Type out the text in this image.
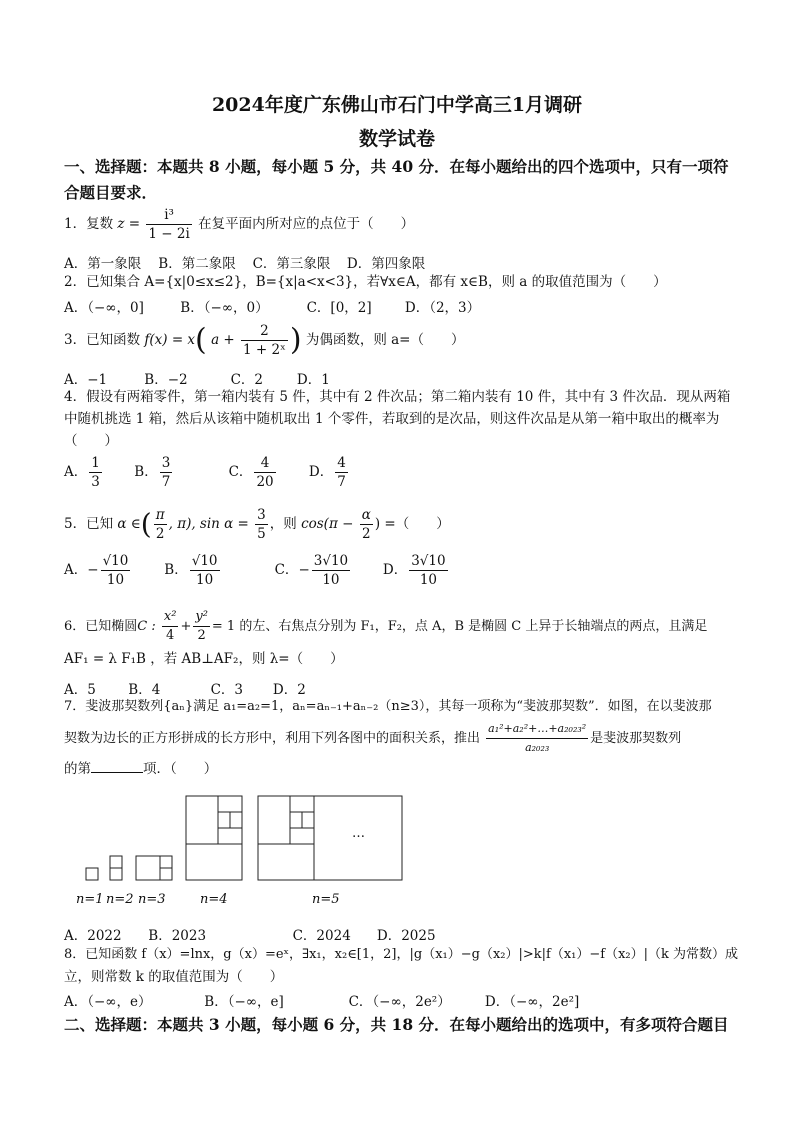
2024年度广东佛山市石门中学高三1月调研
数学试卷
一、选择题：本题共 8 小题，每小题 5 分，共 40 分．在每小题给出的四个选项中，只有一项符合题目要求．
1．复数 $z = \frac{\text{i³}}{1 - 2i}$ 在复平面内所对应的点位于（　　）
A．第一象限 B．第二象限 C．第三象限 D．第四象限
2．已知集合 A={x|0≤x≤2}，B={x|a<x<3}，若∀x∈A，都有 x∈B，则 a 的取值范围为（　　）
A．（−∞，0]	B．（−∞，0）	C．[0，2] D．（2，3）
3．已知函数 f(x) = x( $a + \frac{2}{\text{1 + 2ˣ}}$ ) 为偶函数，则 a=（　　）
A．−1	B．−2	C．2	D．1
4．假设有两箱零件，第一箱内装有 5 件，其中有 2 件次品；第二箱内装有 10 件，其中有 3 件次品．现从两箱
中随机挑选 1 箱，然后从该箱中随机取出 1 个零件，若取到的是次品，则这件次品是从第一箱中取出的概率为
（　　）
A． $\frac{1}{3}$ B． $\frac{3}{7}$	C． $\frac{4}{20}$ D． $\frac{4}{7}$
5．已知 α ∈( $\frac{\pi}{2}$ , π), $\sin \alpha = \frac{3}{5}$ ，则 $\cos(\pi - \frac{\alpha}{2}$ ) =（　　）
A．− $\frac{√10}{10}$	B． $\frac{√10}{10}$	C．− $\frac{3√10}{10}$ D． $\frac{3√10}{10}$
6．已知椭圆C : $\frac{\text{x²}}{4} + \frac{\text{y²}}{2} = 1$ 的左、右焦点分别为 F₁，F₂，点 A，B 是椭圆 C 上异于长轴端点的两点，且满足
AF₁ = λ F₁B ，若 AB⊥AF₂，则 λ=（　　）
A．5 B．4	C．3 D．2
7．斐波那契数列{aₙ}满足 a₁=a₂=1，aₙ=aₙ₋₁+aₙ₋₂（n≥3），其每一项称为“斐波那契数”．如图，在以斐波那
契数为边长的正方形拼成的长方形中，利用下列各图中的面积关系，推出 $\frac{\text{a₁²+a₂²+…+a₂₀₂₃²}}{\text{a₂₀₂₃}}$ 是斐波那契数列
的第	项．（　　）
…
n=1 n=2 n=3	n=4	n=5
A．2022 B．2023	C．2024 D．2025
8．已知函数 f（x）=lnx，g（x）=eˣ，∃x₁，x₂∈[1，2]，|g（x₁）−g（x₂）|>k|f（x₁）−f（x₂）|（k 为常数）成
立，则常数 k 的取值范围为（　　）
A．（−∞，e）	B．（−∞，e]	C．（−∞，2e²）	D．（−∞，2e²]
二、选择题：本题共 3 小题，每小题 6 分，共 18 分．在每小题给出的选项中，有多项符合题目
